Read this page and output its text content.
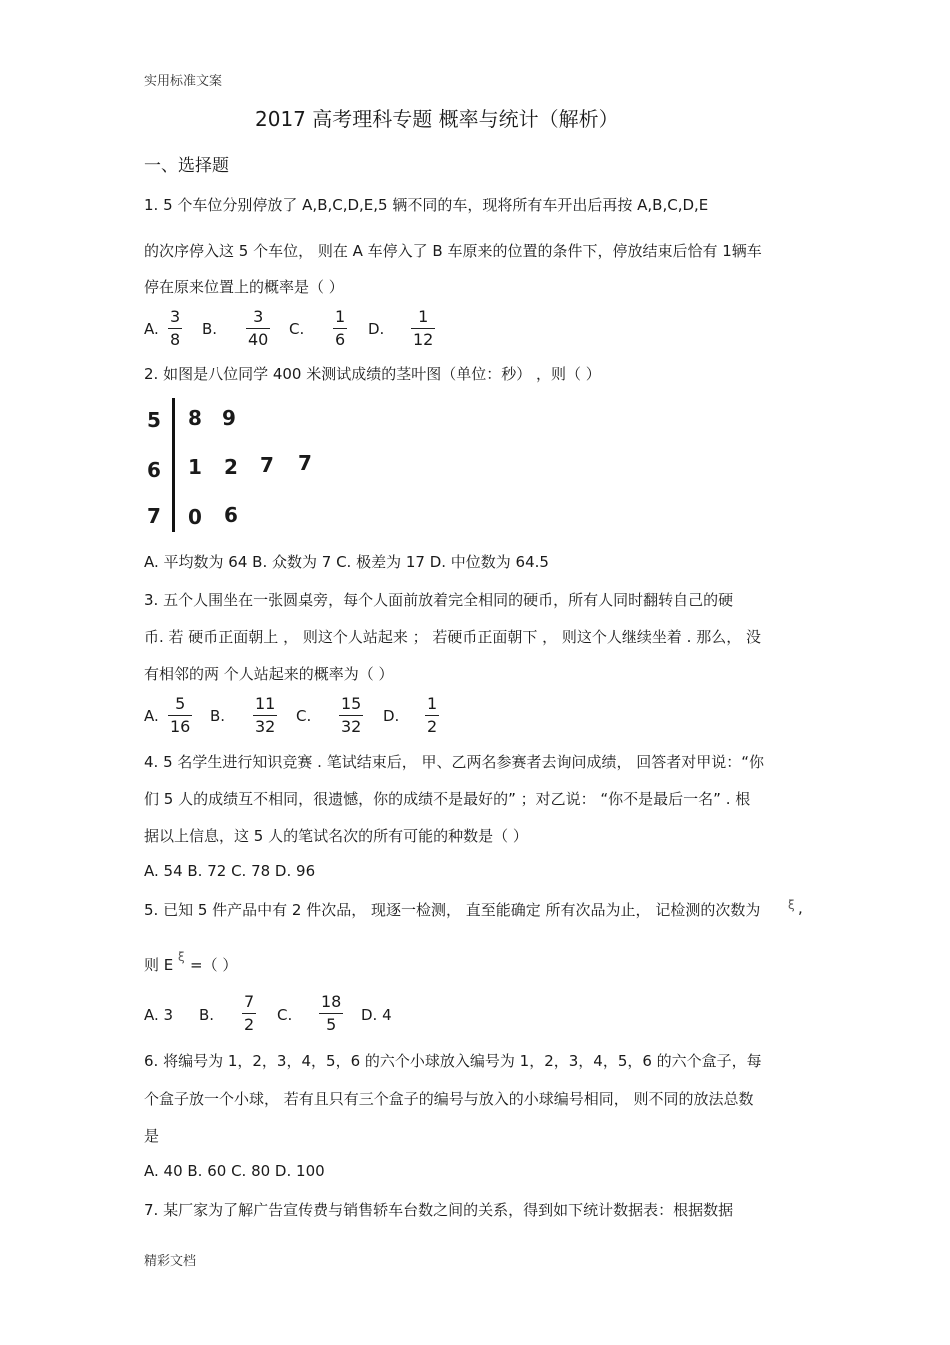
实用标准文案
2017 高考理科专题 概率与统计（解析）
一、选择题
1. 5 个车位分别停放了 A,B,C,D,E,5 辆不同的车，现将所有车开出后再按 A,B,C,D,E
的次序停入这 5 个车位， 则在 A 车停入了 B 车原来的位置的条件下，停放结束后恰有 1辆车
停在原来位置上的概率是（ ）
A. $\frac{3}{8} B$. $\frac{3}{40} C$. $\frac{1}{6} D$. $\frac{1}{12}$
2. 如图是八位同学 400 米测试成绩的茎叶图（单位：秒） ，则（ ）
5
6
7
8 9
1 2 7 7
0 6
A. 平均数为 64 B. 众数为 7 C. 极差为 17 D. 中位数为 64.5
3. 五个人围坐在一张圆桌旁，每个人面前放着完全相同的硬币，所有人同时翻转自己的硬
币. 若 硬币正面朝上 ， 则这个人站起来 ； 若硬币正面朝下 ， 则这个人继续坐着 . 那么， 没
有相邻的两 个人站起来的概率为（ ）
A. $\frac{5}{16} B$. $\frac{11}{32} C$. $\frac{15}{32} D$. $\frac{1}{2}$
4. 5 名学生进行知识竞赛 . 笔试结束后， 甲、乙两名参赛者去询问成绩， 回答者对甲说：“你
们 5 人的成绩互不相同，很遗憾，你的成绩不是最好的” ；对乙说： “你不是最后一名” . 根
据以上信息，这 5 人的笔试名次的所有可能的种数是（ ）
A. 54 B. 72 C. 78 D. 96
5. 已知 5 件产品中有 2 件次品， 现逐一检测， 直至能确定 所有次品为止， 记检测的次数为 ξ ,
则 E ξ =（ ）
A. 3 B. $\frac{7}{2} C$. $\frac{18}{5} D$. 4
6. 将编号为 1，2，3，4，5，6 的六个小球放入编号为 1，2，3，4，5，6 的六个盒子，每
个盒子放一个小球， 若有且只有三个盒子的编号与放入的小球编号相同， 则不同的放法总数
是
A. 40 B. 60 C. 80 D. 100
7. 某厂家为了解广告宣传费与销售轿车台数之间的关系，得到如下统计数据表：根据数据
精彩文档
